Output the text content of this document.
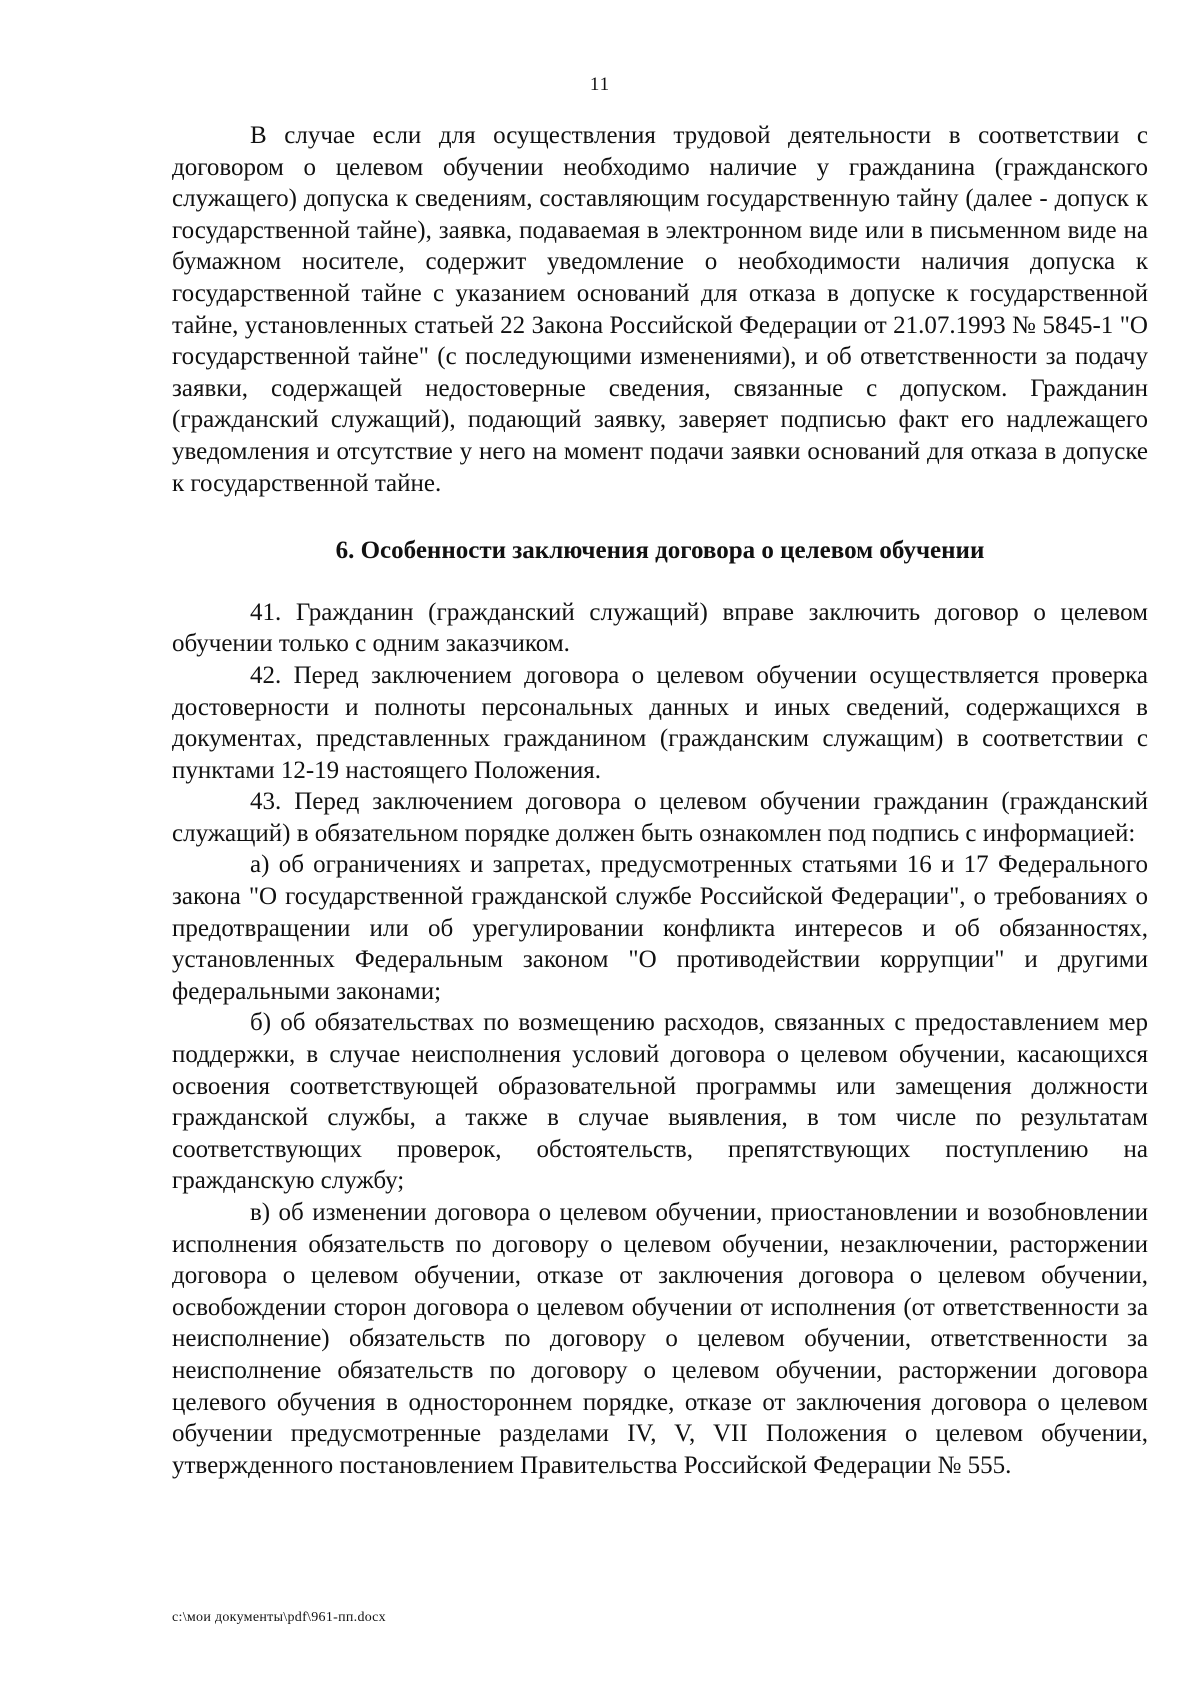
11

В случае если для осуществления трудовой деятельности в соответствии с договором о целевом обучении необходимо наличие у гражданина (гражданского служащего) допуска к сведениям, составляющим государственную тайну (далее - допуск к государственной тайне), заявка, подаваемая в электронном виде или в письменном виде на бумажном носителе, содержит уведомление о необходимости наличия допуска к государственной тайне с указанием оснований для отказа в допуске к государственной тайне, установленных статьей 22 Закона Российской Федерации от 21.07.1993 № 5845-1 "О государственной тайне" (с последующими изменениями), и об ответственности за подачу заявки, содержащей недостоверные сведения, связанные с допуском. Гражданин (гражданский служащий), подающий заявку, заверяет подписью факт его надлежащего уведомления и отсутствие у него на момент подачи заявки оснований для отказа в допуске к государственной тайне.

6. Особенности заключения договора о целевом обучении

41. Гражданин (гражданский служащий) вправе заключить договор о целевом обучении только с одним заказчиком.

42. Перед заключением договора о целевом обучении осуществляется проверка достоверности и полноты персональных данных и иных сведений, содержащихся в документах, представленных гражданином (гражданским служащим) в соответствии с пунктами 12-19 настоящего Положения.

43. Перед заключением договора о целевом обучении гражданин (гражданский служащий) в обязательном порядке должен быть ознакомлен под подпись с информацией:

а) об ограничениях и запретах, предусмотренных статьями 16 и 17 Федерального закона "О государственной гражданской службе Российской Федерации", о требованиях о предотвращении или об урегулировании конфликта интересов и об обязанностях, установленных Федеральным законом "О противодействии коррупции" и другими федеральными законами;

б) об обязательствах по возмещению расходов, связанных с предоставлением мер поддержки, в случае неисполнения условий договора о целевом обучении, касающихся освоения соответствующей образовательной программы или замещения должности гражданской службы, а также в случае выявления, в том числе по результатам соответствующих проверок, обстоятельств, препятствующих поступлению на гражданскую службу;

в) об изменении договора о целевом обучении, приостановлении и возобновлении исполнения обязательств по договору о целевом обучении, незаключении, расторжении договора о целевом обучении, отказе от заключения договора о целевом обучении, освобождении сторон договора о целевом обучении от исполнения (от ответственности за неисполнение) обязательств по договору о целевом обучении, ответственности за неисполнение обязательств по договору о целевом обучении, расторжении договора целевого обучения в одностороннем порядке, отказе от заключения договора о целевом обучении предусмотренные разделами IV, V, VII Положения о целевом обучении, утвержденного постановлением Правительства Российской Федерации № 555.

c:\мои документы\pdf\961-пп.docx
